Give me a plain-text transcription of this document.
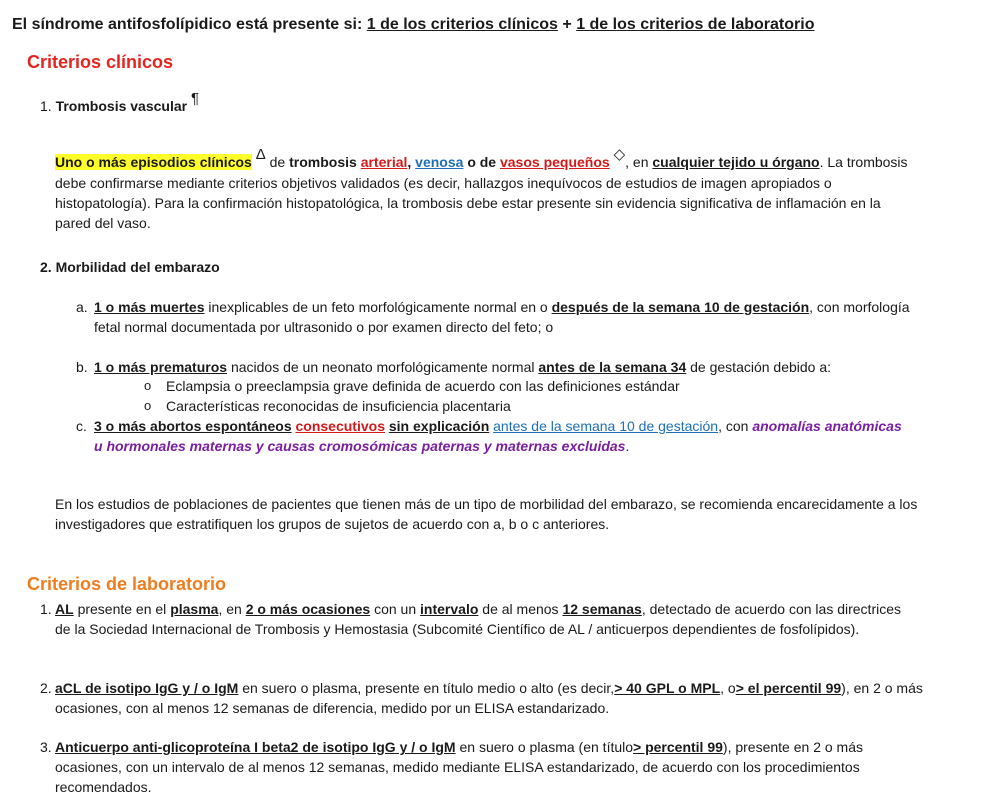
El síndrome antifosfolípidico está presente si: 1 de los criterios clínicos + 1 de los criterios de laboratorio
Criterios clínicos
1. Trombosis vascular ¶
Uno o más episodios clínicos Δ de trombosis arterial, venosa o de vasos pequeños ◇, en cualquier tejido u órgano. La trombosis debe confirmarse mediante criterios objetivos validados (es decir, hallazgos inequívocos de estudios de imagen apropiados o histopatología). Para la confirmación histopatológica, la trombosis debe estar presente sin evidencia significativa de inflamación en la pared del vaso.
2. Morbilidad del embarazo
a. 1 o más muertes inexplicables de un feto morfológicamente normal en o después de la semana 10 de gestación, con morfología fetal normal documentada por ultrasonido o por examen directo del feto; o
b. 1 o más prematuros nacidos de un neonato morfológicamente normal antes de la semana 34 de gestación debido a:
o Eclampsia o preeclampsia grave definida de acuerdo con las definiciones estándar
o Características reconocidas de insuficiencia placentaria
c. 3 o más abortos espontáneos consecutivos sin explicación antes de la semana 10 de gestación, con anomalías anatómicas u hormonales maternas y causas cromosómicas paternas y maternas excluidas.

En los estudios de poblaciones de pacientes que tienen más de un tipo de morbilidad del embarazo, se recomienda encarecidamente a los investigadores que estratifiquen los grupos de sujetos de acuerdo con a, b o c anteriores.

Criterios de laboratorio
1. AL presente en el plasma, en 2 o más ocasiones con un intervalo de al menos 12 semanas, detectado de acuerdo con las directrices de la Sociedad Internacional de Trombosis y Hemostasia (Subcomité Científico de AL / anticuerpos dependientes de fosfolípidos).
2. aCL de isotipo IgG y / o IgM en suero o plasma, presente en título medio o alto (es decir,> 40 GPL o MPL, o> el percentil 99), en 2 o más ocasiones, con al menos 12 semanas de diferencia, medido por un ELISA estandarizado.
3. Anticuerpo anti-glicoproteína I beta2 de isotipo IgG y / o IgM en suero o plasma (en título> percentil 99), presente en 2 o más ocasiones, con un intervalo de al menos 12 semanas, medido mediante ELISA estandarizado, de acuerdo con los procedimientos recomendados.
